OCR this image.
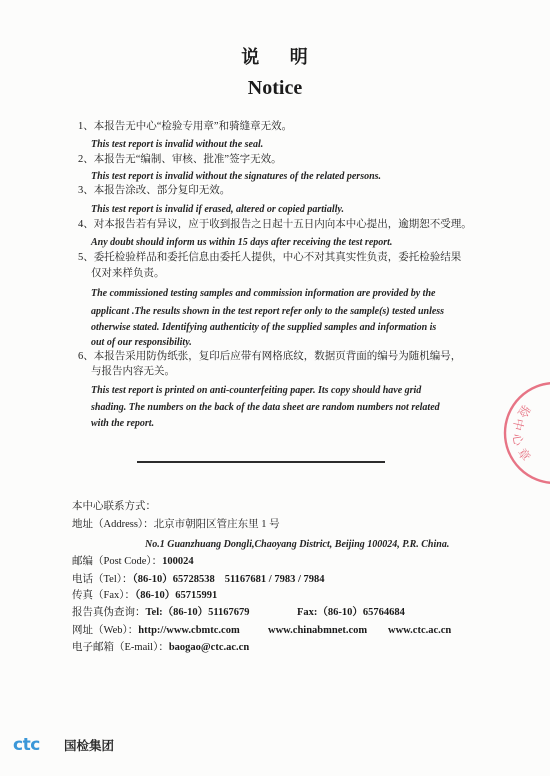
说 明
Notice
1、本报告无中心“检验专用章”和骑缝章无效。
This test report is invalid without the seal.
2、本报告无“编制、审核、批准”签字无效。
This test report is invalid without the signatures of the related persons.
3、本报告涂改、部分复印无效。
This test report is invalid if erased, altered or copied partially.
4、对本报告若有异议，应于收到报告之日起十五日内向本中心提出，逾期恕不受理。
Any doubt should inform us within 15 days after receiving the test report.
5、委托检验样品和委托信息由委托人提供，中心不对其真实性负责，委托检验结果
仅对来样负责。
The commissioned testing samples and commission information are provided by the
applicant .The results shown in the test report refer only to the sample(s) tested unless
otherwise stated. Identifying authenticity of the supplied samples and information is
out of our responsibility.
6、本报告采用防伪纸张，复印后应带有网格底纹，数据页背面的编号为随机编号，
与报告内容无关。
This test report is printed on anti-counterfeiting paper. Its copy should have grid
shading. The numbers on the back of the data sheet are random numbers not related
with the report.
验
中
心
章
本中心联系方式：
地址（Address）：北京市朝阳区管庄东里 1 号
No.1 Guanzhuang Dongli,Chaoyang District, Beijing 100024, P.R. China.
邮编（Post Code）：100024
电话（Tel）：（86-10）65728538 51167681 / 7983 / 7984
传真（Fax）：（86-10）65715991
报告真伪查询：Tel:（86-10）51167679	Fax:（86-10）65764684
网址（Web）：http://www.cbmtc.com	www.chinabmnet.com www.ctc.ac.cn
电子邮箱（E-mail）：baogao@ctc.ac.cn
ctc 国检集团
